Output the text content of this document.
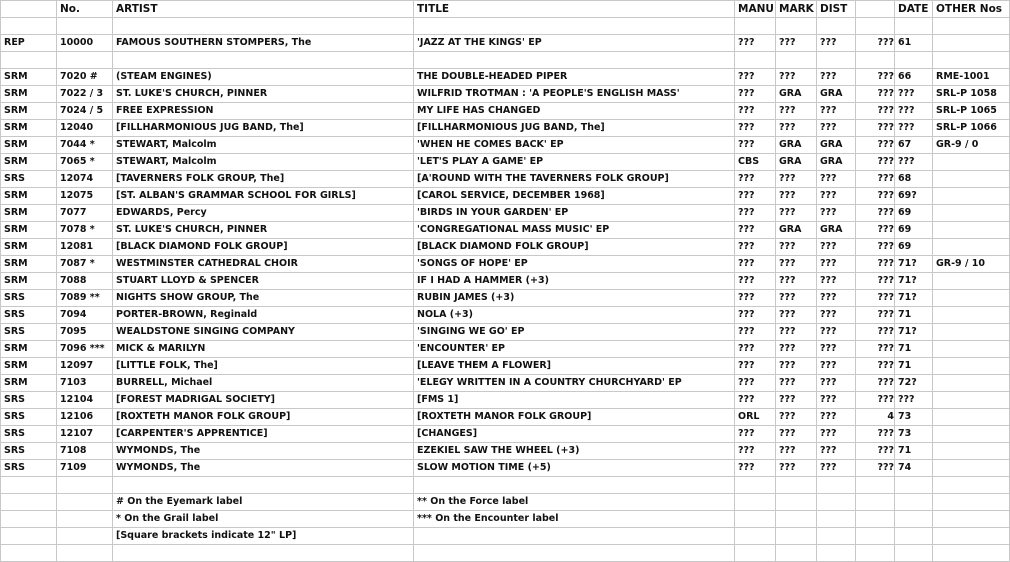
	No.	ARTIST	TITLE	MANU	MARK	DIST		DATE	OTHER Nos

REP	10000	FAMOUS SOUTHERN STOMPERS, The	'JAZZ AT THE KINGS' EP	???	???	???	???	61	

SRM	7020 #	(STEAM ENGINES)	THE DOUBLE-HEADED PIPER	???	???	???	???	66	RME-1001
SRM	7022 / 3	ST. LUKE'S CHURCH, PINNER	WILFRID TROTMAN : 'A PEOPLE'S ENGLISH MASS'	???	GRA	GRA	???	???	SRL-P 1058
SRM	7024 / 5	FREE EXPRESSION	MY LIFE HAS CHANGED	???	???	???	???	???	SRL-P 1065
SRM	12040	[FILLHARMONIOUS JUG BAND, The]	[FILLHARMONIOUS JUG BAND, The]	???	???	???	???	???	SRL-P 1066
SRM	7044 *	STEWART, Malcolm	'WHEN HE COMES BACK' EP	???	GRA	GRA	???	67	GR-9 / 0
SRM	7065 *	STEWART, Malcolm	'LET'S PLAY A GAME' EP	CBS	GRA	GRA	???	???	
SRS	12074	[TAVERNERS FOLK GROUP, The]	[A'ROUND WITH THE TAVERNERS FOLK GROUP]	???	???	???	???	68	
SRM	12075	[ST. ALBAN'S GRAMMAR SCHOOL FOR GIRLS]	[CAROL SERVICE, DECEMBER 1968]	???	???	???	???	69?	
SRM	7077	EDWARDS, Percy	'BIRDS IN YOUR GARDEN' EP	???	???	???	???	69	
SRM	7078 *	ST. LUKE'S CHURCH, PINNER	'CONGREGATIONAL MASS MUSIC' EP	???	GRA	GRA	???	69	
SRM	12081	[BLACK DIAMOND FOLK GROUP]	[BLACK DIAMOND FOLK GROUP]	???	???	???	???	69	
SRM	7087 *	WESTMINSTER CATHEDRAL CHOIR	'SONGS OF HOPE' EP	???	???	???	???	71?	GR-9 / 10
SRM	7088	STUART LLOYD & SPENCER	IF I HAD A HAMMER (+3)	???	???	???	???	71?	
SRS	7089 **	NIGHTS SHOW GROUP, The	RUBIN JAMES (+3)	???	???	???	???	71?	
SRS	7094	PORTER-BROWN, Reginald	NOLA (+3)	???	???	???	???	71	
SRS	7095	WEALDSTONE SINGING COMPANY	'SINGING WE GO' EP	???	???	???	???	71?	
SRM	7096 ***	MICK & MARILYN	'ENCOUNTER' EP	???	???	???	???	71	
SRM	12097	[LITTLE FOLK, The]	[LEAVE THEM A FLOWER]	???	???	???	???	71	
SRM	7103	BURRELL, Michael	'ELEGY WRITTEN IN A COUNTRY CHURCHYARD' EP	???	???	???	???	72?	
SRS	12104	[FOREST MADRIGAL SOCIETY]	[FMS 1]	???	???	???	???	???	
SRS	12106	[ROXTETH MANOR FOLK GROUP]	[ROXTETH MANOR FOLK GROUP]	ORL	???	???	4	73	
SRS	12107	[CARPENTER'S APPRENTICE]	[CHANGES]	???	???	???	???	73	
SRS	7108	WYMONDS, The	EZEKIEL SAW THE WHEEL (+3)	???	???	???	???	71	
SRS	7109	WYMONDS, The	SLOW MOTION TIME (+5)	???	???	???	???	74	

		# On the Eyemark label	** On the Force label						
		* On the Grail label	*** On the Encounter label						
		[Square brackets indicate 12" LP]							
